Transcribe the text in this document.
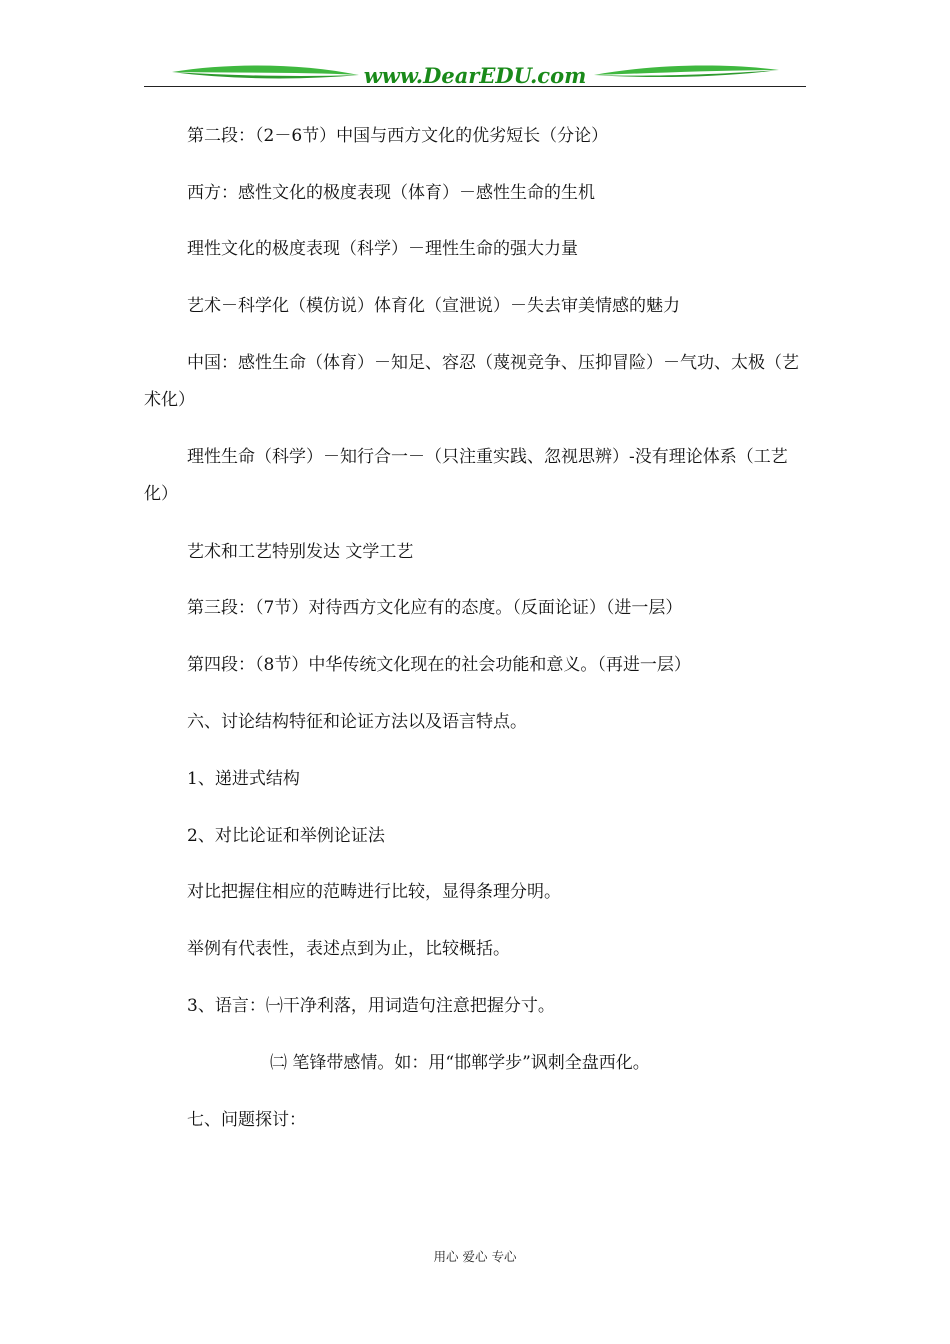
www.DearEDU.com

第二段：（2－6节）中国与西方文化的优劣短长（分论）

西方：感性文化的极度表现（体育）－感性生命的生机

理性文化的极度表现（科学）－理性生命的强大力量

艺术－科学化（模仿说）体育化（宣泄说）－失去审美情感的魅力

中国：感性生命（体育）－知足、容忍（蔑视竞争、压抑冒险）－气功、太极（艺术化）

理性生命（科学）－知行合一－（只注重实践、忽视思辨）-没有理论体系（工艺化）

艺术和工艺特别发达 文学工艺

第三段：（7节）对待西方文化应有的态度。（反面论证）（进一层）

第四段：（8节）中华传统文化现在的社会功能和意义。（再进一层）

六、讨论结构特征和论证方法以及语言特点。

1、递进式结构

2、对比论证和举例论证法

对比把握住相应的范畴进行比较，显得条理分明。

举例有代表性，表述点到为止，比较概括。

3、语言：㈠干净利落，用词造句注意把握分寸。

㈡ 笔锋带感情。如：用“邯郸学步”讽刺全盘西化。

七、问题探讨：

用心 爱心 专心
